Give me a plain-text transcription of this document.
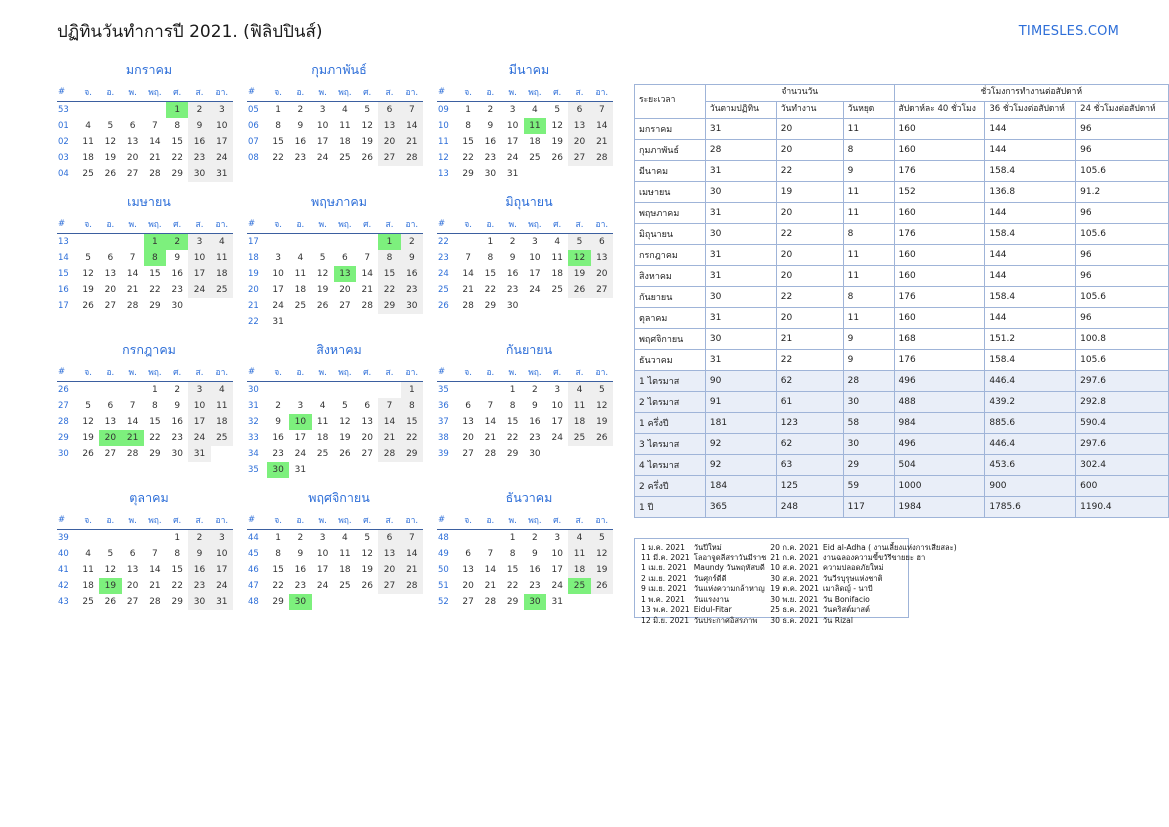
ปฏิทินวันทำการปี 2021. (ฟิลิปปินส์)	TIMESLES.COM
มกราคม
#	จ.	อ.	พ.	พฤ.	ศ.	ส.	อา.
53					1	2	3
01	4	5	6	7	8	9	10
02	11	12	13	14	15	16	17
03	18	19	20	21	22	23	24
04	25	26	27	28	29	30	31
กุมภาพันธ์
#	จ.	อ.	พ.	พฤ.	ศ.	ส.	อา.
05	1	2	3	4	5	6	7
06	8	9	10	11	12	13	14
07	15	16	17	18	19	20	21
08	22	23	24	25	26	27	28
มีนาคม
#	จ.	อ.	พ.	พฤ.	ศ.	ส.	อา.
09	1	2	3	4	5	6	7
10	8	9	10	11	12	13	14
11	15	16	17	18	19	20	21
12	22	23	24	25	26	27	28
13	29	30	31				
เมษายน
#	จ.	อ.	พ.	พฤ.	ศ.	ส.	อา.
13				1	2	3	4
14	5	6	7	8	9	10	11
15	12	13	14	15	16	17	18
16	19	20	21	22	23	24	25
17	26	27	28	29	30		
พฤษภาคม
#	จ.	อ.	พ.	พฤ.	ศ.	ส.	อา.
17						1	2
18	3	4	5	6	7	8	9
19	10	11	12	13	14	15	16
20	17	18	19	20	21	22	23
21	24	25	26	27	28	29	30
22	31						
มิถุนายน
#	จ.	อ.	พ.	พฤ.	ศ.	ส.	อา.
22		1	2	3	4	5	6
23	7	8	9	10	11	12	13
24	14	15	16	17	18	19	20
25	21	22	23	24	25	26	27
26	28	29	30				
กรกฎาคม
#	จ.	อ.	พ.	พฤ.	ศ.	ส.	อา.
26				1	2	3	4
27	5	6	7	8	9	10	11
28	12	13	14	15	16	17	18
29	19	20	21	22	23	24	25
30	26	27	28	29	30	31	
สิงหาคม
#	จ.	อ.	พ.	พฤ.	ศ.	ส.	อา.
30							1
31	2	3	4	5	6	7	8
32	9	10	11	12	13	14	15
33	16	17	18	19	20	21	22
34	23	24	25	26	27	28	29
35	30	31					
กันยายน
#	จ.	อ.	พ.	พฤ.	ศ.	ส.	อา.
35			1	2	3	4	5
36	6	7	8	9	10	11	12
37	13	14	15	16	17	18	19
38	20	21	22	23	24	25	26
39	27	28	29	30			
ตุลาคม
#	จ.	อ.	พ.	พฤ.	ศ.	ส.	อา.
39					1	2	3
40	4	5	6	7	8	9	10
41	11	12	13	14	15	16	17
42	18	19	20	21	22	23	24
43	25	26	27	28	29	30	31
พฤศจิกายน
#	จ.	อ.	พ.	พฤ.	ศ.	ส.	อา.
44	1	2	3	4	5	6	7
45	8	9	10	11	12	13	14
46	15	16	17	18	19	20	21
47	22	23	24	25	26	27	28
48	29	30					
ธันวาคม
#	จ.	อ.	พ.	พฤ.	ศ.	ส.	อา.
48			1	2	3	4	5
49	6	7	8	9	10	11	12
50	13	14	15	16	17	18	19
51	20	21	22	23	24	25	26
52	27	28	29	30	31		
ระยะเวลา	จำนวนวัน			ชั่วโมงการทำงานต่อสัปดาห์		
	วันตามปฏิทิน	วันทำงาน	วันหยุด	สัปดาห์ละ 40 ชั่วโมง	36 ชั่วโมงต่อสัปดาห์	24 ชั่วโมงต่อสัปดาห์
มกราคม	31	20	11	160	144	96
กุมภาพันธ์	28	20	8	160	144	96
มีนาคม	31	22	9	176	158.4	105.6
เมษายน	30	19	11	152	136.8	91.2
พฤษภาคม	31	20	11	160	144	96
มิถุนายน	30	22	8	176	158.4	105.6
กรกฎาคม	31	20	11	160	144	96
สิงหาคม	31	20	11	160	144	96
กันยายน	30	22	8	176	158.4	105.6
ตุลาคม	31	20	11	160	144	96
พฤศจิกายน	30	21	9	168	151.2	100.8
ธันวาคม	31	22	9	176	158.4	105.6
1 ไตรมาส	90	62	28	496	446.4	297.6
2 ไตรมาส	91	61	30	488	439.2	292.8
1 ครึ่งปี	181	123	58	984	885.6	590.4
3 ไตรมาส	92	62	30	496	446.4	297.6
4 ไตรมาส	92	63	29	504	453.6	302.4
2 ครึ่งปี	184	125	59	1000	900	600
1 ปี	365	248	117	1984	1785.6	1190.4
1 ม.ค. 2021	วันปีใหม่	20 ก.ค. 2021	Eid al-Adha ( งานเลี้ยงแห่งการเสียสละ)
11 มี.ค. 2021	โลอาจูดลีสราวันมีราช	21 ก.ค. 2021	งานฉลองความขี้ขวัรีขายยะ ฮา
1 เม.ย. 2021	Maundy วันพฤหัสบดี	10 ส.ค. 2021	ความปลอดภัยใหม่
2 เม.ย. 2021	วันศุกร์ดีดี	30 ส.ค. 2021	วันวีรบุรุษแห่งชาติ
9 เม.ย. 2021	วันแห่งความกล้าหาญ	19 ต.ค. 2021	เมาลิดญ์ - นาบี
1 พ.ค. 2021	วันแรงงาน	30 พ.ย. 2021	วัน Bonifacio
13 พ.ค. 2021	Eidul-Fitar	25 ธ.ค. 2021	วันคริสต์มาสต์
12 มิ.ย. 2021	วันประกาศอิสรภาพ	30 ธ.ค. 2021	วัน Rizal
